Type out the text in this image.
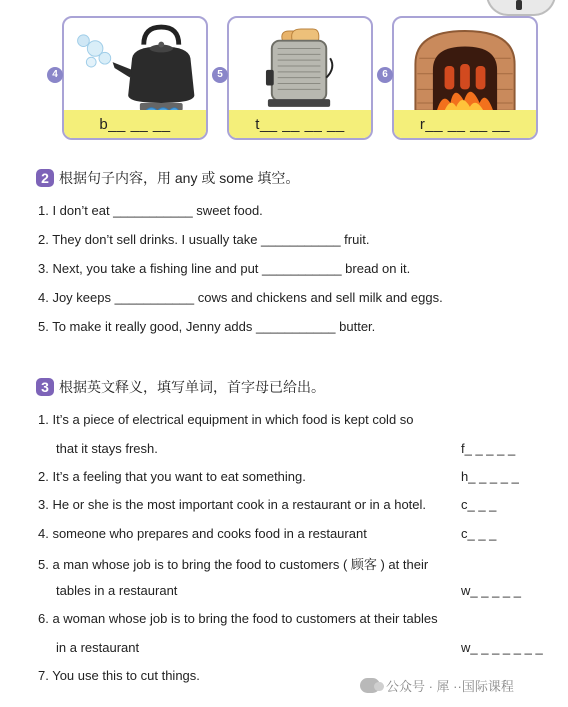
b__ __ __
4
t__ __ __ __
5
r__ __ __ __
6
2 根据句子内容，用 any 或 some 填空。
1. I don’t eat ___________ sweet food.
2. They don’t sell drinks. I usually take ___________ fruit.
3. Next, you take a fishing line and put ___________ bread on it.
4. Joy keeps ___________ cows and chickens and sell milk and eggs.
5. To make it really good, Jenny adds ___________ butter.
3 根据英文释义，填写单词，首字母已给出。
1. It’s a piece of electrical equipment in which food is kept cold so
that it stays fresh.
2. It’s a feeling that you want to eat something.
3. He or she is the most important cook in a restaurant or in a hotel.
4. someone who prepares and cooks food in a restaurant
5. a man whose job is to bring the food to customers ( 顾客 ) at their
tables in a restaurant
6. a woman whose job is to bring the food to customers at their tables
in a restaurant
7. You use this to cut things.
f_ _ _ _ _
h_ _ _ _ _
c_ _ _
c_ _ _
w_ _ _ _ _
w_ _ _ _ _ _ _
公众号 · 犀 ··国际课程
